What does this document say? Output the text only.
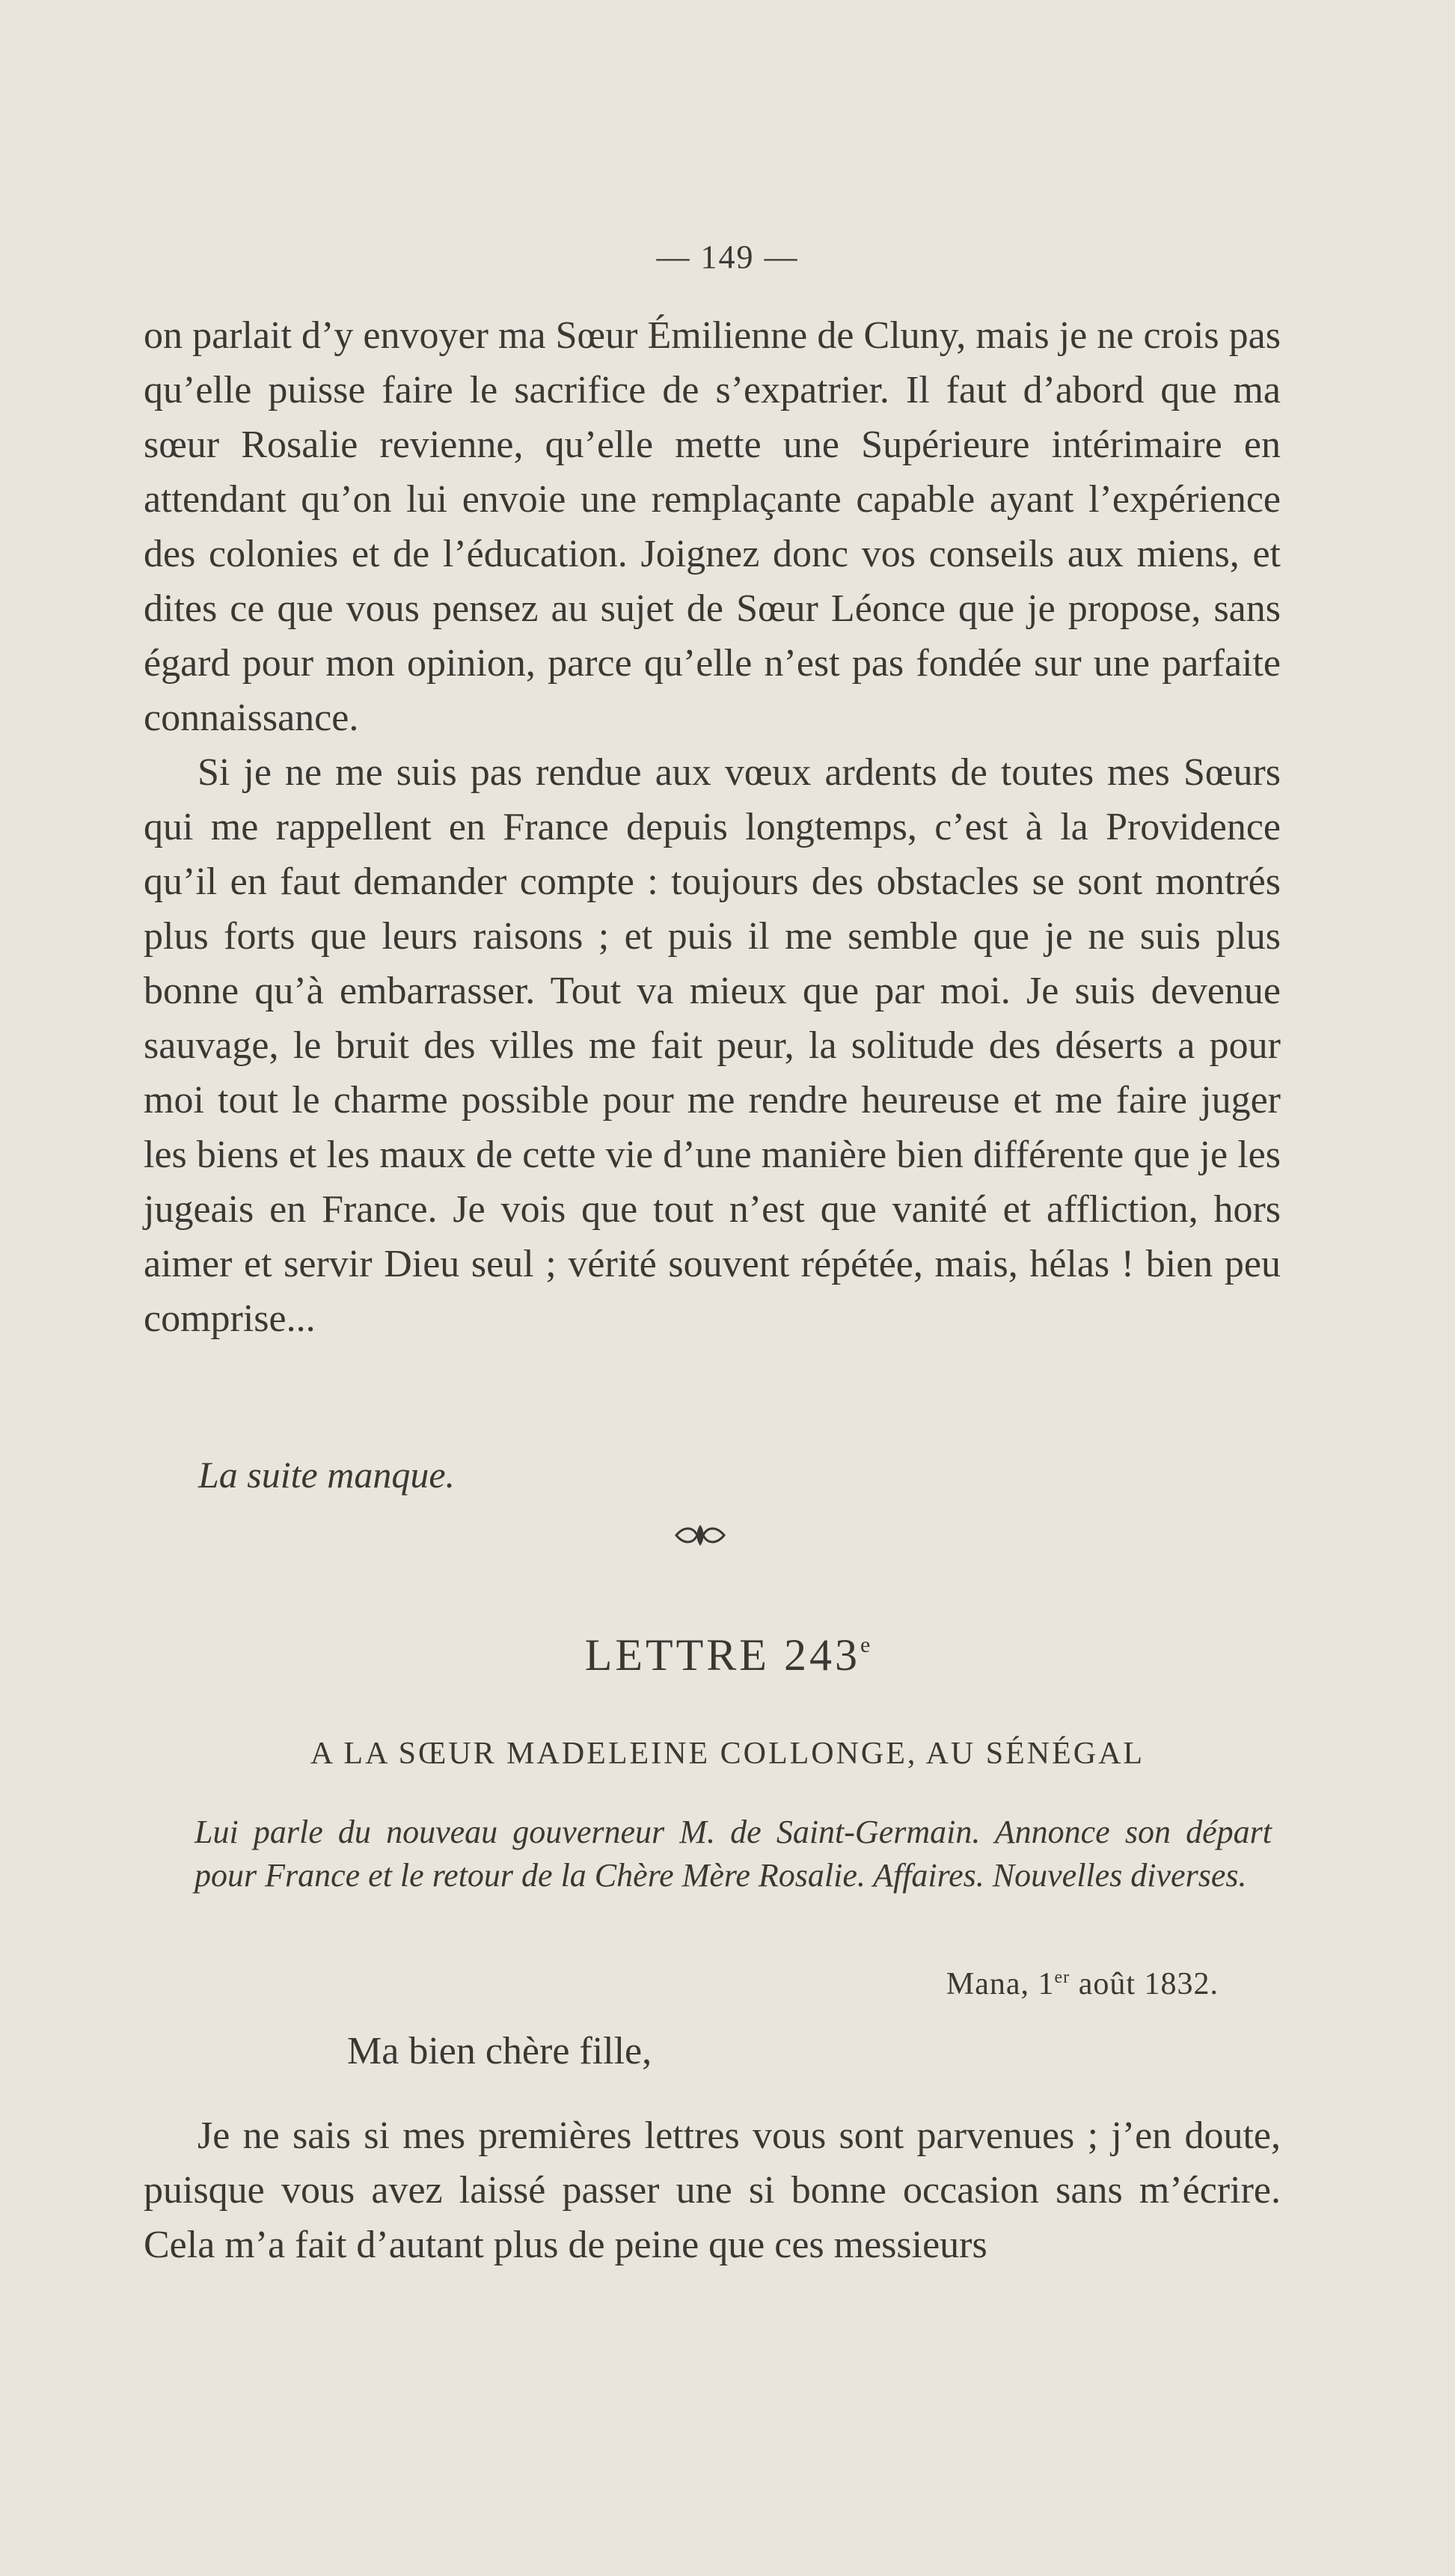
— 149 —

on parlait d’y envoyer ma Sœur Émilienne de Cluny, mais je ne crois pas qu’elle puisse faire le sacrifice de s’expatrier. Il faut d’abord que ma sœur Rosalie revienne, qu’elle mette une Supérieure intérimaire en attendant qu’on lui envoie une remplaçante capable ayant l’expérience des colonies et de l’éducation. Joignez donc vos conseils aux miens, et dites ce que vous pensez au sujet de Sœur Léonce que je propose, sans égard pour mon opinion, parce qu’elle n’est pas fondée sur une parfaite connaissance.

Si je ne me suis pas rendue aux vœux ardents de toutes mes Sœurs qui me rappellent en France depuis longtemps, c’est à la Providence qu’il en faut demander compte : toujours des obstacles se sont montrés plus forts que leurs raisons ; et puis il me semble que je ne suis plus bonne qu’à embarrasser. Tout va mieux que par moi. Je suis devenue sauvage, le bruit des villes me fait peur, la solitude des déserts a pour moi tout le charme possible pour me rendre heureuse et me faire juger les biens et les maux de cette vie d’une manière bien différente que je les jugeais en France. Je vois que tout n’est que vanité et affliction, hors aimer et servir Dieu seul ; vérité souvent répétée, mais, hélas ! bien peu comprise...

La suite manque.
LETTRE 243e
A LA SŒUR MADELEINE COLLONGE, AU SÉNÉGAL
Lui parle du nouveau gouverneur M. de Saint-Germain. Annonce son départ pour France et le retour de la Chère Mère Rosalie. Affaires. Nouvelles diverses.
Mana, 1er août 1832.
Ma bien chère fille,

Je ne sais si mes premières lettres vous sont parvenues ; j’en doute, puisque vous avez laissé passer une si bonne occasion sans m’écrire. Cela m’a fait d’autant plus de peine que ces messieurs
